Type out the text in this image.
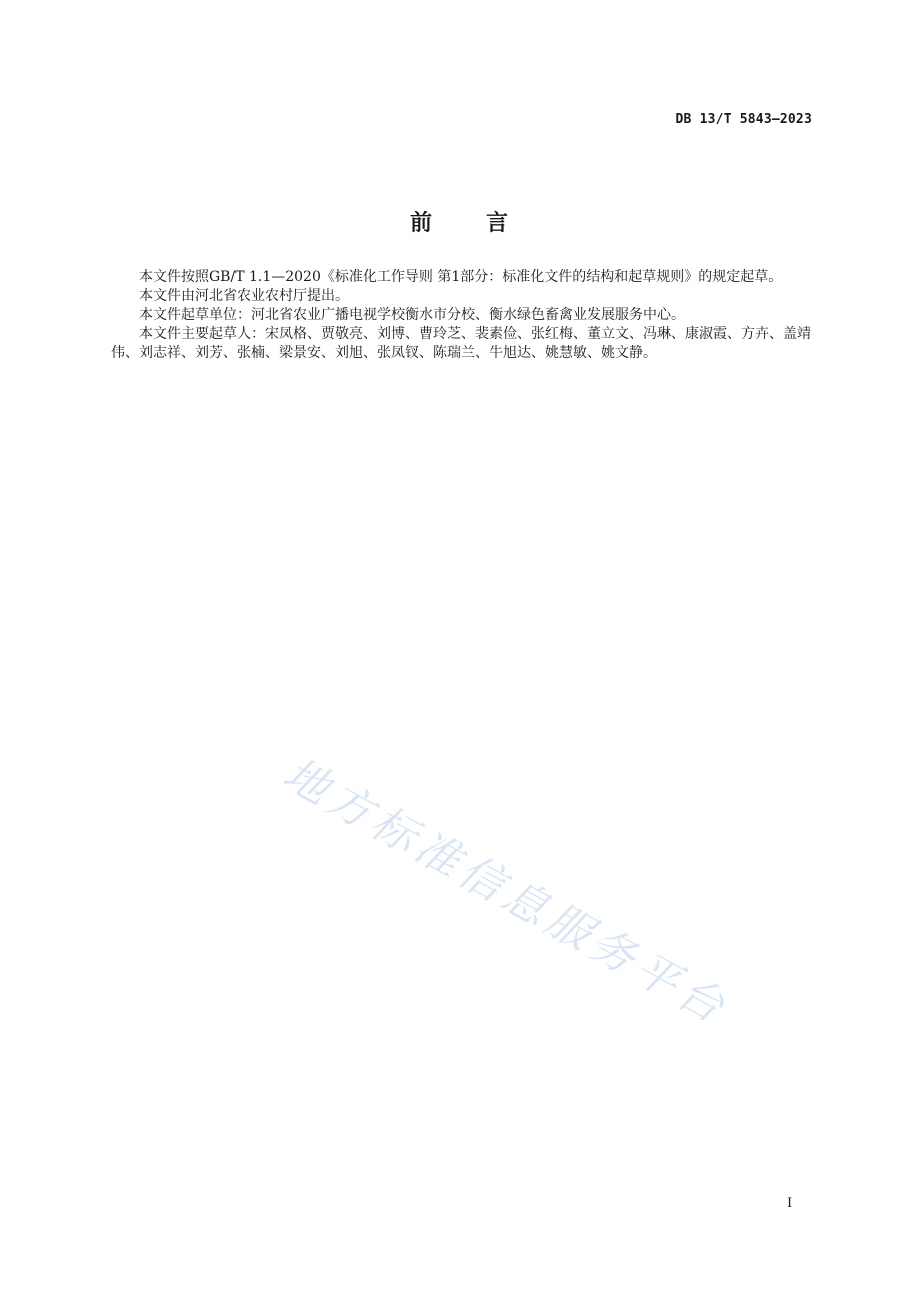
DB 13/T 5843—2023
前 言

本文件按照GB/T 1.1—2020《标准化工作导则 第1部分：标准化文件的结构和起草规则》的规定起草。

本文件由河北省农业农村厅提出。

本文件起草单位：河北省农业广播电视学校衡水市分校、衡水绿色畜禽业发展服务中心。

本文件主要起草人：宋凤格、贾敬亮、刘博、曹玲芝、裴素俭、张红梅、董立文、冯琳、康淑霞、方卉、盖靖伟、刘志祥、刘芳、张楠、梁景安、刘旭、张凤钗、陈瑞兰、牛旭达、姚慧敏、姚文静。

地方标准信息服务平台
I
